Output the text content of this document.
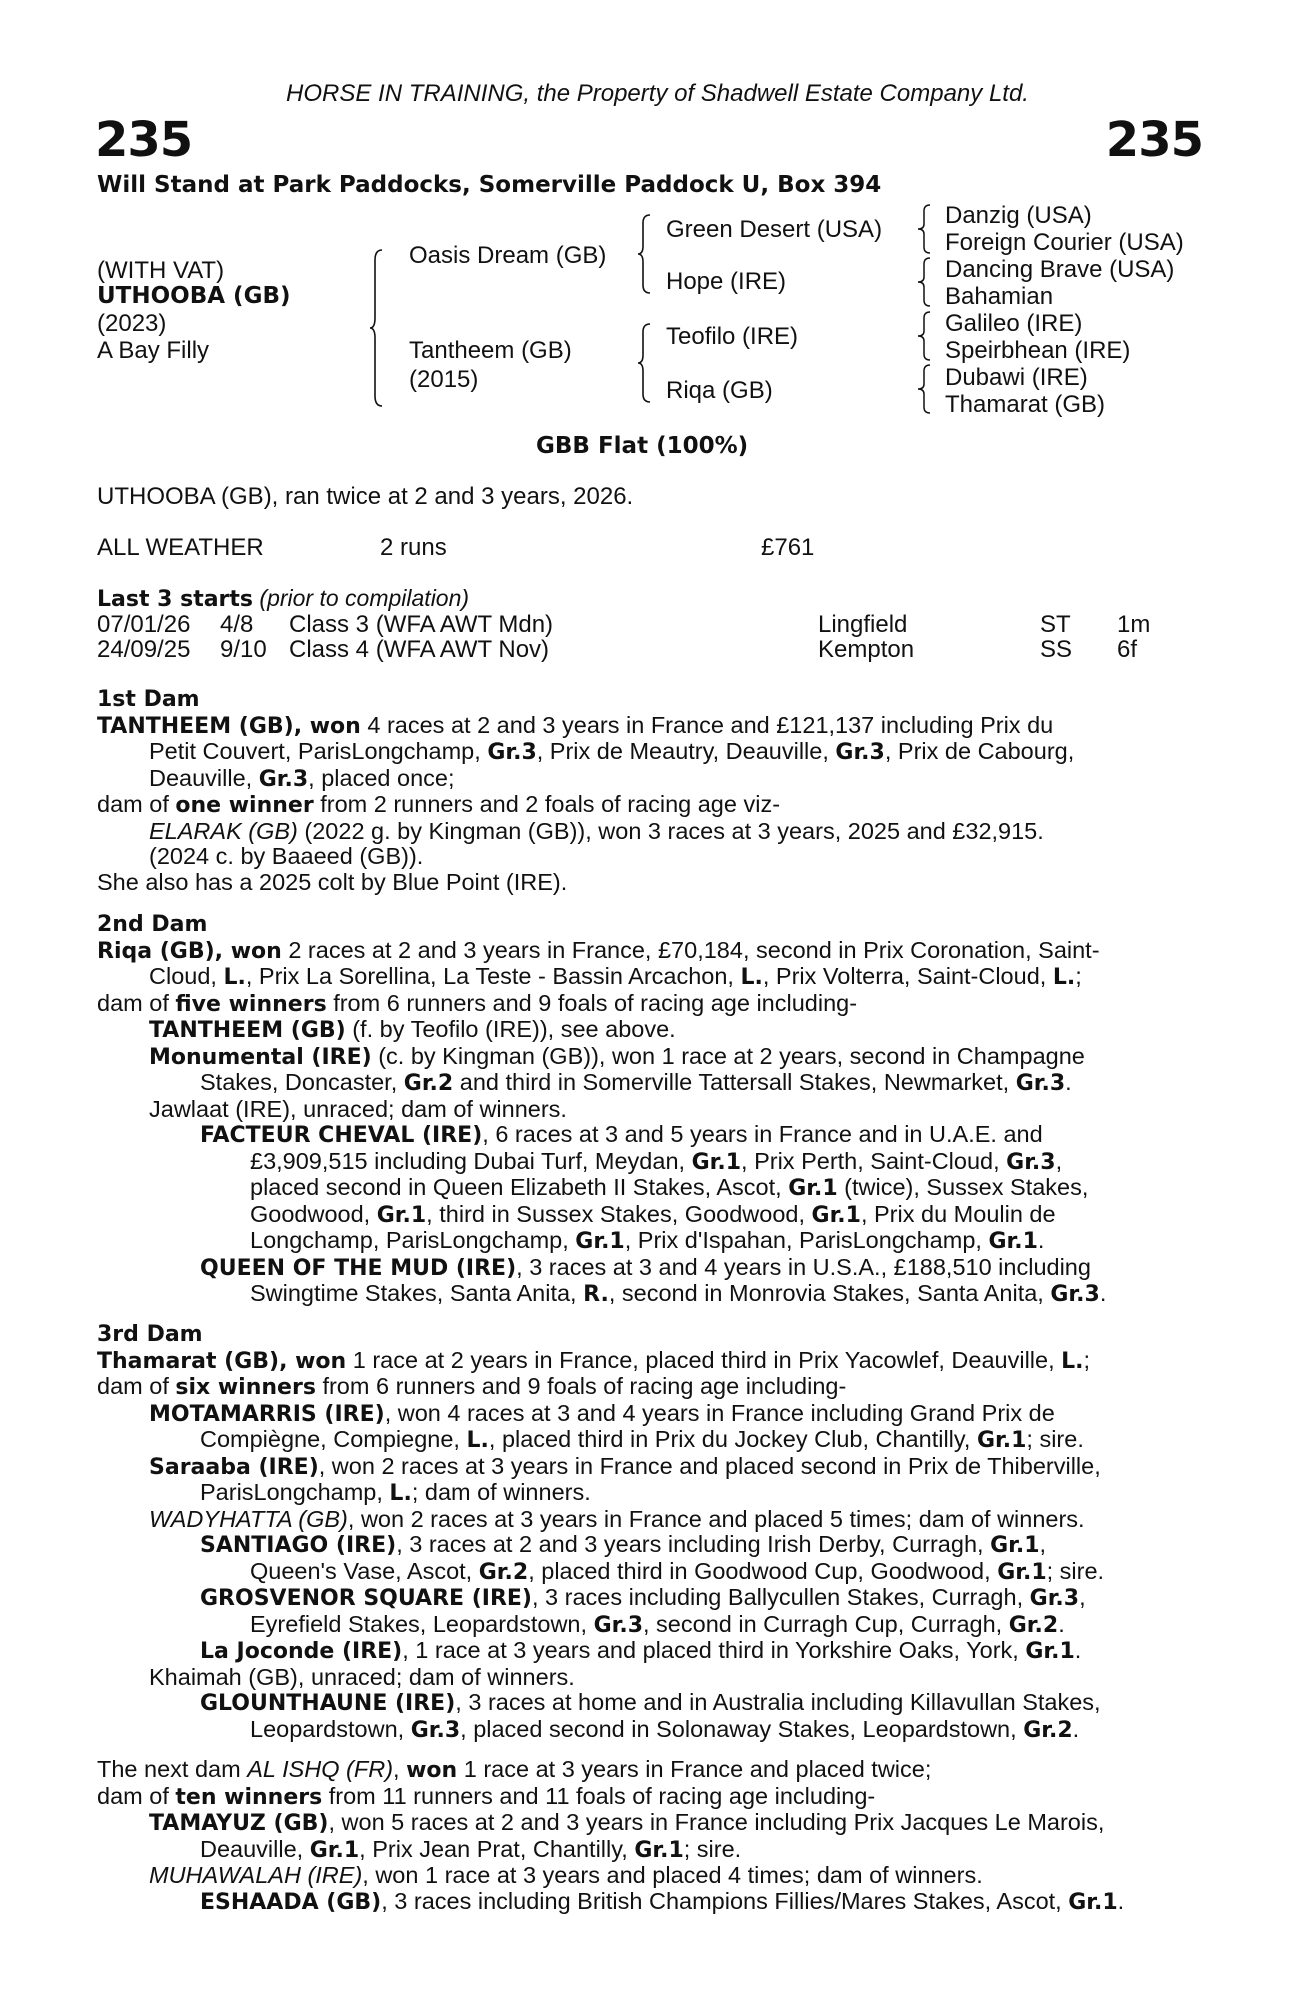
HORSE IN TRAINING, the Property of Shadwell Estate Company Ltd.
235	235
Will Stand at Park Paddocks, Somerville Paddock U, Box 394
(WITH VAT)
UTHOOBA (GB)
(2023)
A Bay Filly
Oasis Dream (GB)
Tantheem (GB)
(2015)
Green Desert (USA)
Hope (IRE)
Teofilo (IRE)
Riqa (GB)
Danzig (USA)
Foreign Courier (USA)
Dancing Brave (USA)
Bahamian
Galileo (IRE)
Speirbhean (IRE)
Dubawi (IRE)
Thamarat (GB)
GBB Flat (100%)
UTHOOBA (GB), ran twice at 2 and 3 years, 2026.
ALL WEATHER	2 runs	£761
Last 3 starts (prior to compilation)
07/01/26 4/8 Class 3 (WFA AWT Mdn)	Lingfield	ST 1m
24/09/25 9/10 Class 4 (WFA AWT Nov)	Kempton	SS 6f
1st Dam
TANTHEEM (GB), won 4 races at 2 and 3 years in France and £121,137 including Prix du
Petit Couvert, ParisLongchamp, Gr.3, Prix de Meautry, Deauville, Gr.3, Prix de Cabourg,
Deauville, Gr.3, placed once;
dam of one winner from 2 runners and 2 foals of racing age viz-
ELARAK (GB) (2022 g. by Kingman (GB)), won 3 races at 3 years, 2025 and £32,915.
(2024 c. by Baaeed (GB)).
She also has a 2025 colt by Blue Point (IRE).
2nd Dam
Riqa (GB), won 2 races at 2 and 3 years in France, £70,184, second in Prix Coronation, Saint-
Cloud, L., Prix La Sorellina, La Teste - Bassin Arcachon, L., Prix Volterra, Saint-Cloud, L.;
dam of five winners from 6 runners and 9 foals of racing age including-
TANTHEEM (GB) (f. by Teofilo (IRE)), see above.
Monumental (IRE) (c. by Kingman (GB)), won 1 race at 2 years, second in Champagne
Stakes, Doncaster, Gr.2 and third in Somerville Tattersall Stakes, Newmarket, Gr.3.
Jawlaat (IRE), unraced; dam of winners.
FACTEUR CHEVAL (IRE), 6 races at 3 and 5 years in France and in U.A.E. and
£3,909,515 including Dubai Turf, Meydan, Gr.1, Prix Perth, Saint-Cloud, Gr.3,
placed second in Queen Elizabeth II Stakes, Ascot, Gr.1 (twice), Sussex Stakes,
Goodwood, Gr.1, third in Sussex Stakes, Goodwood, Gr.1, Prix du Moulin de
Longchamp, ParisLongchamp, Gr.1, Prix d'Ispahan, ParisLongchamp, Gr.1.
QUEEN OF THE MUD (IRE), 3 races at 3 and 4 years in U.S.A., £188,510 including
Swingtime Stakes, Santa Anita, R., second in Monrovia Stakes, Santa Anita, Gr.3.
3rd Dam
Thamarat (GB), won 1 race at 2 years in France, placed third in Prix Yacowlef, Deauville, L.;
dam of six winners from 6 runners and 9 foals of racing age including-
MOTAMARRIS (IRE), won 4 races at 3 and 4 years in France including Grand Prix de
Compiègne, Compiegne, L., placed third in Prix du Jockey Club, Chantilly, Gr.1; sire.
Saraaba (IRE), won 2 races at 3 years in France and placed second in Prix de Thiberville,
ParisLongchamp, L.; dam of winners.
WADYHATTA (GB), won 2 races at 3 years in France and placed 5 times; dam of winners.
SANTIAGO (IRE), 3 races at 2 and 3 years including Irish Derby, Curragh, Gr.1,
Queen's Vase, Ascot, Gr.2, placed third in Goodwood Cup, Goodwood, Gr.1; sire.
GROSVENOR SQUARE (IRE), 3 races including Ballycullen Stakes, Curragh, Gr.3,
Eyrefield Stakes, Leopardstown, Gr.3, second in Curragh Cup, Curragh, Gr.2.
La Joconde (IRE), 1 race at 3 years and placed third in Yorkshire Oaks, York, Gr.1.
Khaimah (GB), unraced; dam of winners.
GLOUNTHAUNE (IRE), 3 races at home and in Australia including Killavullan Stakes,
Leopardstown, Gr.3, placed second in Solonaway Stakes, Leopardstown, Gr.2.
The next dam AL ISHQ (FR), won 1 race at 3 years in France and placed twice;
dam of ten winners from 11 runners and 11 foals of racing age including-
TAMAYUZ (GB), won 5 races at 2 and 3 years in France including Prix Jacques Le Marois,
Deauville, Gr.1, Prix Jean Prat, Chantilly, Gr.1; sire.
MUHAWALAH (IRE), won 1 race at 3 years and placed 4 times; dam of winners.
ESHAADA (GB), 3 races including British Champions Fillies/Mares Stakes, Ascot, Gr.1.
